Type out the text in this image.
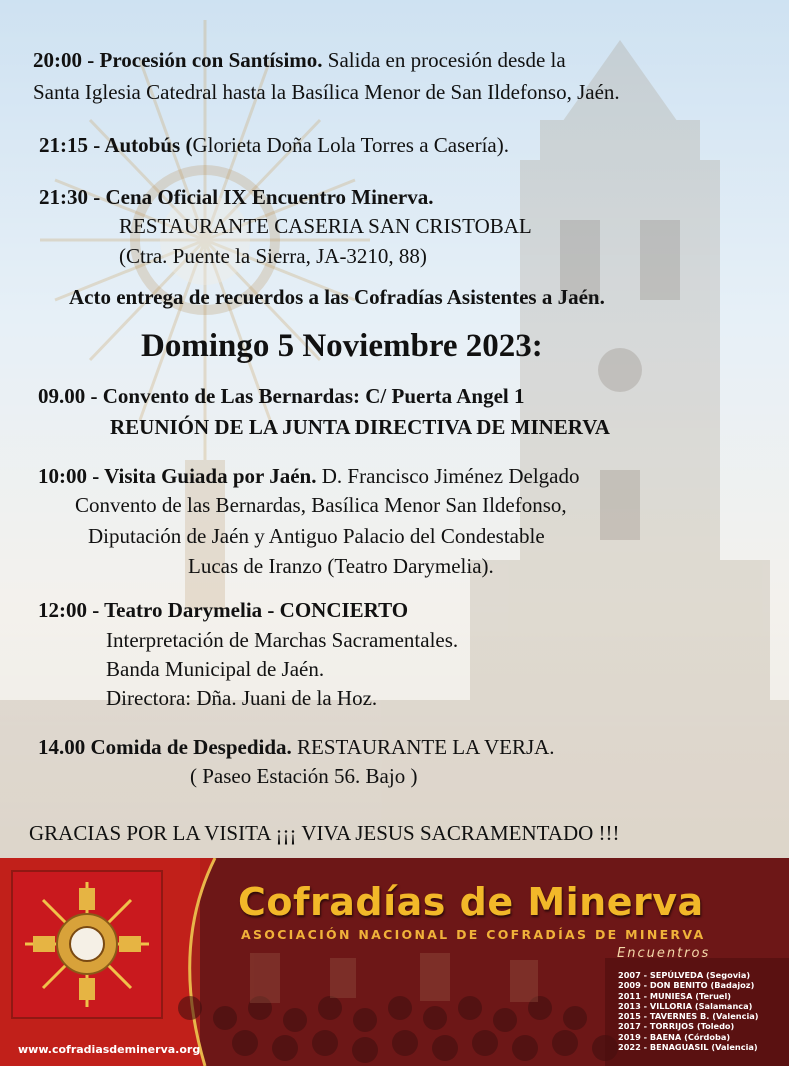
20:00 - Procesión con Santísimo. Salida en procesión desde la
Santa Iglesia Catedral hasta la Basílica Menor de San Ildefonso, Jaén.
21:15 - Autobús (Glorieta Doña Lola Torres a Casería).
21:30 - Cena Oficial IX Encuentro Minerva.
RESTAURANTE CASERIA SAN CRISTOBAL
(Ctra. Puente la Sierra, JA-3210, 88)
Acto entrega de recuerdos a las Cofradías Asistentes a Jaén.
Domingo 5 Noviembre 2023:
09.00 - Convento de Las Bernardas: C/ Puerta Angel 1
REUNIÓN DE LA JUNTA DIRECTIVA DE MINERVA
10:00 - Visita Guiada por Jaén. D. Francisco Jiménez Delgado
Convento de las Bernardas, Basílica Menor San Ildefonso,
Diputación de Jaén y Antiguo Palacio del Condestable
Lucas de Iranzo (Teatro Darymelia).
12:00 - Teatro Darymelia - CONCIERTO
Interpretación de Marchas Sacramentales.
Banda Municipal de Jaén.
Directora: Dña. Juani de la Hoz.
14.00 Comida de Despedida. RESTAURANTE LA VERJA.
( Paseo Estación 56. Bajo )
GRACIAS POR LA VISITA ¡¡¡ VIVA JESUS SACRAMENTADO !!!
Cofradías de Minerva
ASOCIACIÓN NACIONAL DE COFRADÍAS DE MINERVA
Encuentros
2007 - SEPÚLVEDA (Segovia)
2009 - DON BENITO (Badajoz)
2011 - MUNIESA (Teruel)
2013 - VILLORIA (Salamanca)
2015 - TAVERNES B. (Valencia)
2017 - TORRIJOS (Toledo)
2019 - BAENA (Córdoba)
2022 - BENAGUASIL (Valencia)
www.cofradiasdeminerva.org
